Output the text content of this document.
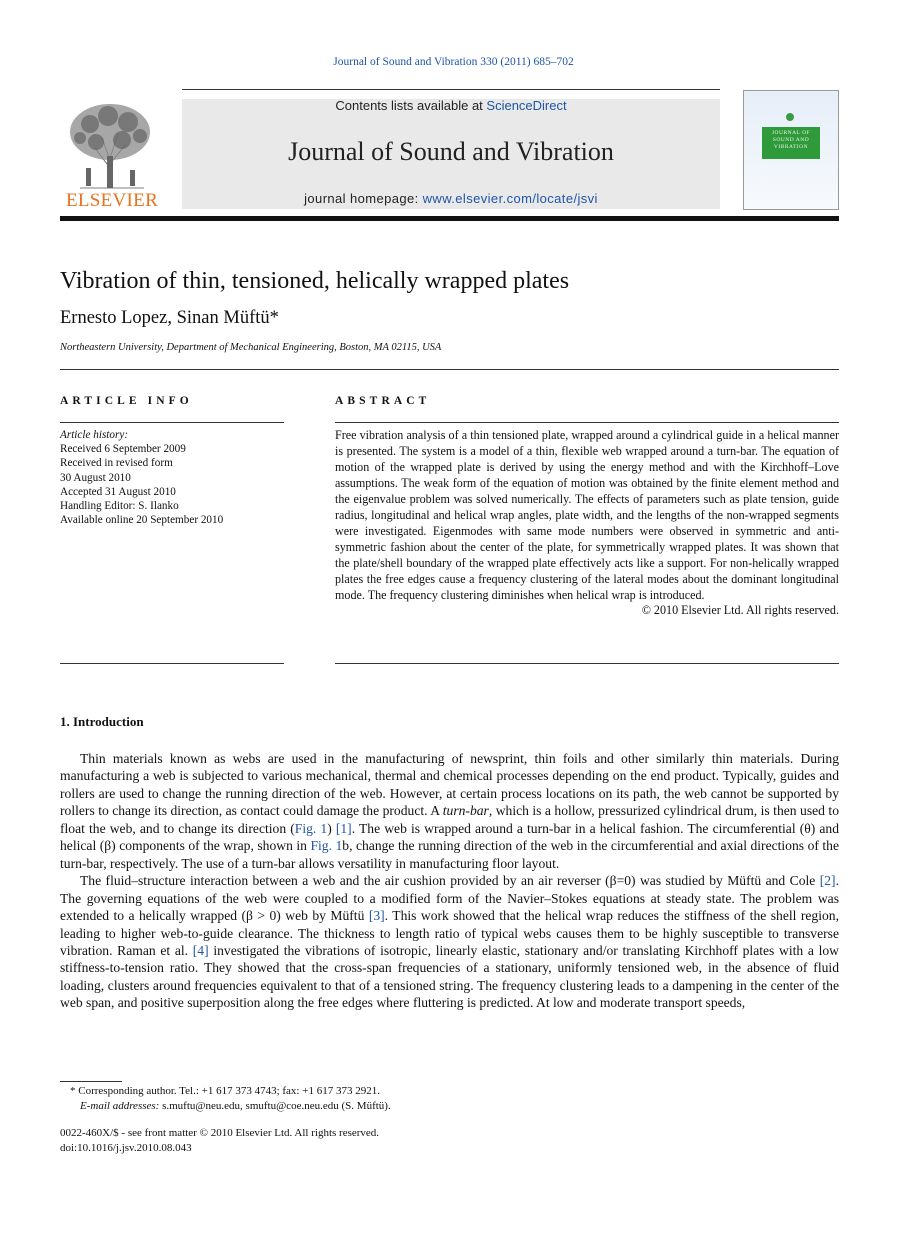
Journal of Sound and Vibration 330 (2011) 685–702
ELSEVIER
Contents lists available at ScienceDirect
Journal of Sound and Vibration
journal homepage: www.elsevier.com/locate/jsvi
JOURNAL OF SOUND AND VIBRATION
Vibration of thin, tensioned, helically wrapped plates
Ernesto Lopez, Sinan Müftü*
Northeastern University, Department of Mechanical Engineering, Boston, MA 02115, USA
ARTICLE INFO
Article history:
Received 6 September 2009
Received in revised form
30 August 2010
Accepted 31 August 2010
Handling Editor: S. Ilanko
Available online 20 September 2010
ABSTRACT
Free vibration analysis of a thin tensioned plate, wrapped around a cylindrical guide in a helical manner is presented. The system is a model of a thin, flexible web wrapped around a turn-bar. The equation of motion of the wrapped plate is derived by using the energy method and with the Kirchhoff–Love assumptions. The weak form of the equation of motion was obtained by the finite element method and the eigenvalue problem was solved numerically. The effects of parameters such as plate tension, guide radius, longitudinal and helical wrap angles, plate width, and the lengths of the non-wrapped segments were investigated. Eigenmodes with same mode numbers were observed in symmetric and anti-symmetric fashion about the center of the plate, for symmetrically wrapped plates. It was shown that the plate/shell boundary of the wrapped plate effectively acts like a support. For non-helically wrapped plates the free edges cause a frequency clustering of the lateral modes about the dominant longitudinal mode. The frequency clustering diminishes when helical wrap is introduced.
© 2010 Elsevier Ltd. All rights reserved.
1. Introduction

Thin materials known as webs are used in the manufacturing of newsprint, thin foils and other similarly thin materials. During manufacturing a web is subjected to various mechanical, thermal and chemical processes depending on the end product. Typically, guides and rollers are used to change the running direction of the web. However, at certain process locations on its path, the web cannot be supported by rollers to change its direction, as contact could damage the product. A turn-bar, which is a hollow, pressurized cylindrical drum, is then used to float the web, and to change its direction (Fig. 1) [1]. The web is wrapped around a turn-bar in a helical fashion. The circumferential (θ) and helical (β) components of the wrap, shown in Fig. 1b, change the running direction of the web in the circumferential and axial directions of the turn-bar, respectively. The use of a turn-bar allows versatility in manufacturing floor layout.

The fluid–structure interaction between a web and the air cushion provided by an air reverser (β=0) was studied by Müftü and Cole [2]. The governing equations of the web were coupled to a modified form of the Navier–Stokes equations at steady state. The problem was extended to a helically wrapped (β > 0) web by Müftü [3]. This work showed that the helical wrap reduces the stiffness of the shell region, leading to higher web-to-guide clearance. The thickness to length ratio of typical webs causes them to be highly susceptible to transverse vibration. Raman et al. [4] investigated the vibrations of isotropic, linearly elastic, stationary and/or translating Kirchhoff plates with a low stiffness-to-tension ratio. They showed that the cross-span frequencies of a stationary, uniformly tensioned web, in the absence of fluid loading, clusters around frequencies equivalent to that of a tensioned string. The frequency clustering leads to a dampening in the center of the web span, and positive superposition along the free edges where fluttering is predicted. At low and moderate transport speeds,

* Corresponding author. Tel.: +1 617 373 4743; fax: +1 617 373 2921.
E-mail addresses: s.muftu@neu.edu, smuftu@coe.neu.edu (S. Müftü).
0022-460X/$ - see front matter © 2010 Elsevier Ltd. All rights reserved.
doi:10.1016/j.jsv.2010.08.043
